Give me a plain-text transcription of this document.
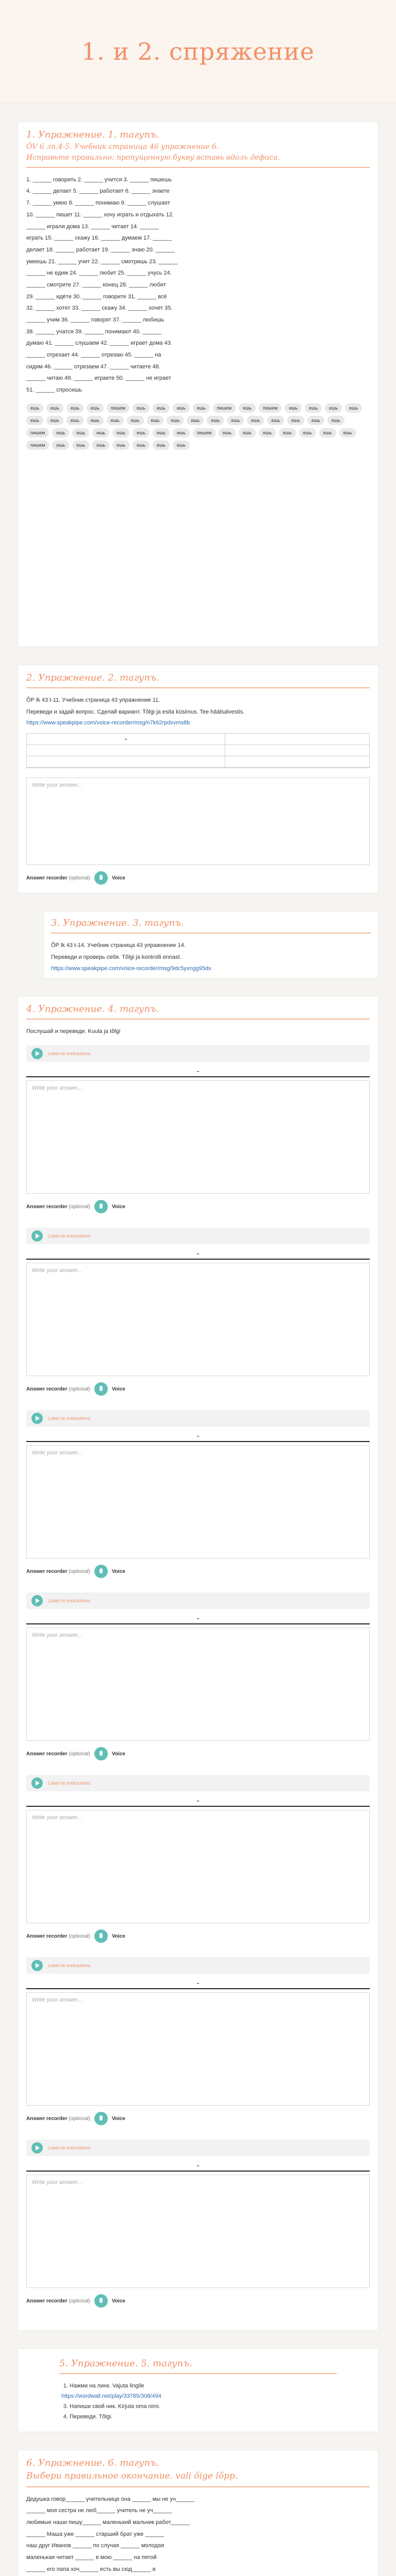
1. и 2. спряжение
1. Упражнение. 1. тагупъ.
ÕV 6 лп.4-5. Учебник страница 46 упражнение 6.
Исправьте правильно: пропущенную букву вставь вдоль дефиса.

1. ______ говорить 2. ______ учится 3. ______ пишешь

4. ______ делает 5. ______ работает 6. ______ знаете

7. ______ умею 8. ______ понимаю 9. ______ слушает

10. ______ пишет 11. ______ хочу играть и отдыхать 12.

______ играли дома 13. ______ читает 14. ______

играть 15. ______ скажу 16. ______ думаем 17. ______

делает 18. ______ работает 19. ______ знаю 20. ______

умеешь 21. ______ учит 22. ______ смотришь 23. ______

______ не едим 24. ______ любит 25. ______ учусь 24.

______ смотрите 27. ______ конец 28. ______ любит

29. ______ идёте 30. ______ говорите 31. ______ всё

32. ______ хотят 33. ______ скажу 34. ______ хочет 35.

______ учим 36. ______ говорят 37. ______ любишь

38. ______ учатся 39. ______ понимают 40. ______

думаю 41. ______ слушаем 42. ______ играет дома 43.

______ отрезает 44. ______ отрезаю 45. ______ на

сидим 46. ______ отрезаем 47. ______ читаете 48.

______ читаю 49. ______ играете 50. ______ не играет

51. ______ спросишь

ешь	ешь	ешь	ешь	пишем	ешь	ишь	ишь	ешь	пишем	ешь	пишем	ишь	ешь	ешь	ешь
ешь	ешь	ешь	ишь	ешь	ешь	ешь	ешь	ишь	ешь	ешь	ешь	ешь	ешь	ешь	ешь
пишем	ешь	ешь	ишь	ешь	ешь	ишь	ишь	пишем	ешь	ешь	ешь	ешь	ешь	ешь	ешь
пишем	ешь	ешь	ешь	ешь	ешь	ешь	ешь
2. Упражнение. 2. тагупъ.

ÕP lk 43 t-11. Учебник страница 43 упражнение 11.

Переведи и задай вопрос. Сделай вариант. Tõlgi ja esita küsimus. Tee häälsalvestis.

https://www.speakpipe.com/voice-recorder/msg/n7k62rpdxvms8b
-
Write your answer...
Answer recorder (optional)	Voice
3. Упражнение. 3. тагупъ.

ÕP lk 43 t-14. Учебник страница 43 упражнение 14.

Переведи и проверь себя. Tõlgi ja kontrolli ennast.

https://www.speakpipe.com/voice-recorder/msg/9dc5yxngg95dx
4. Упражнение. 4. тагупъ.

Послушай и переведи. Kuula ja tõlgi

Listen to instructions

-

Write your answer...
Answer recorder (optional)	Voice
Listen to instructions

-

Write your answer...
Answer recorder (optional)	Voice
Listen to instructions

-

Write your answer...
Answer recorder (optional)	Voice
Listen to instructions

-

Write your answer...
Answer recorder (optional)	Voice
Listen to instructions

-

Write your answer...
Answer recorder (optional)	Voice
Listen to instructions

-

Write your answer...
Answer recorder (optional)	Voice
Listen to instructions

-

Write your answer...
Answer recorder (optional)	Voice
5. Упражнение. 5. тагупъ.
1. Нажми на линк. Vajuta lingile
https://wordwall.net/play/33785/308/494
3. Напиши свой ник. Kirjuta oma nimi.
4. Переведи. Tõlgi.
6. Упражнение. 6. тагупъ.
Выбери правильное окончание. vali õige lõpp.

Дедушка говор______ учительнице она ______ мы не уч______

______ моя сестра не люб______ учитель не уч______

любимые наши пишу______ маленький мальчик работ______

______ Маша уже ______ старший брат уже ______

наш друг Иванов ______ по случая ______ молодая

маленькая читает ______ в мою ______ на пятой

______ его папа хоч______ есть вы сюд______ в
